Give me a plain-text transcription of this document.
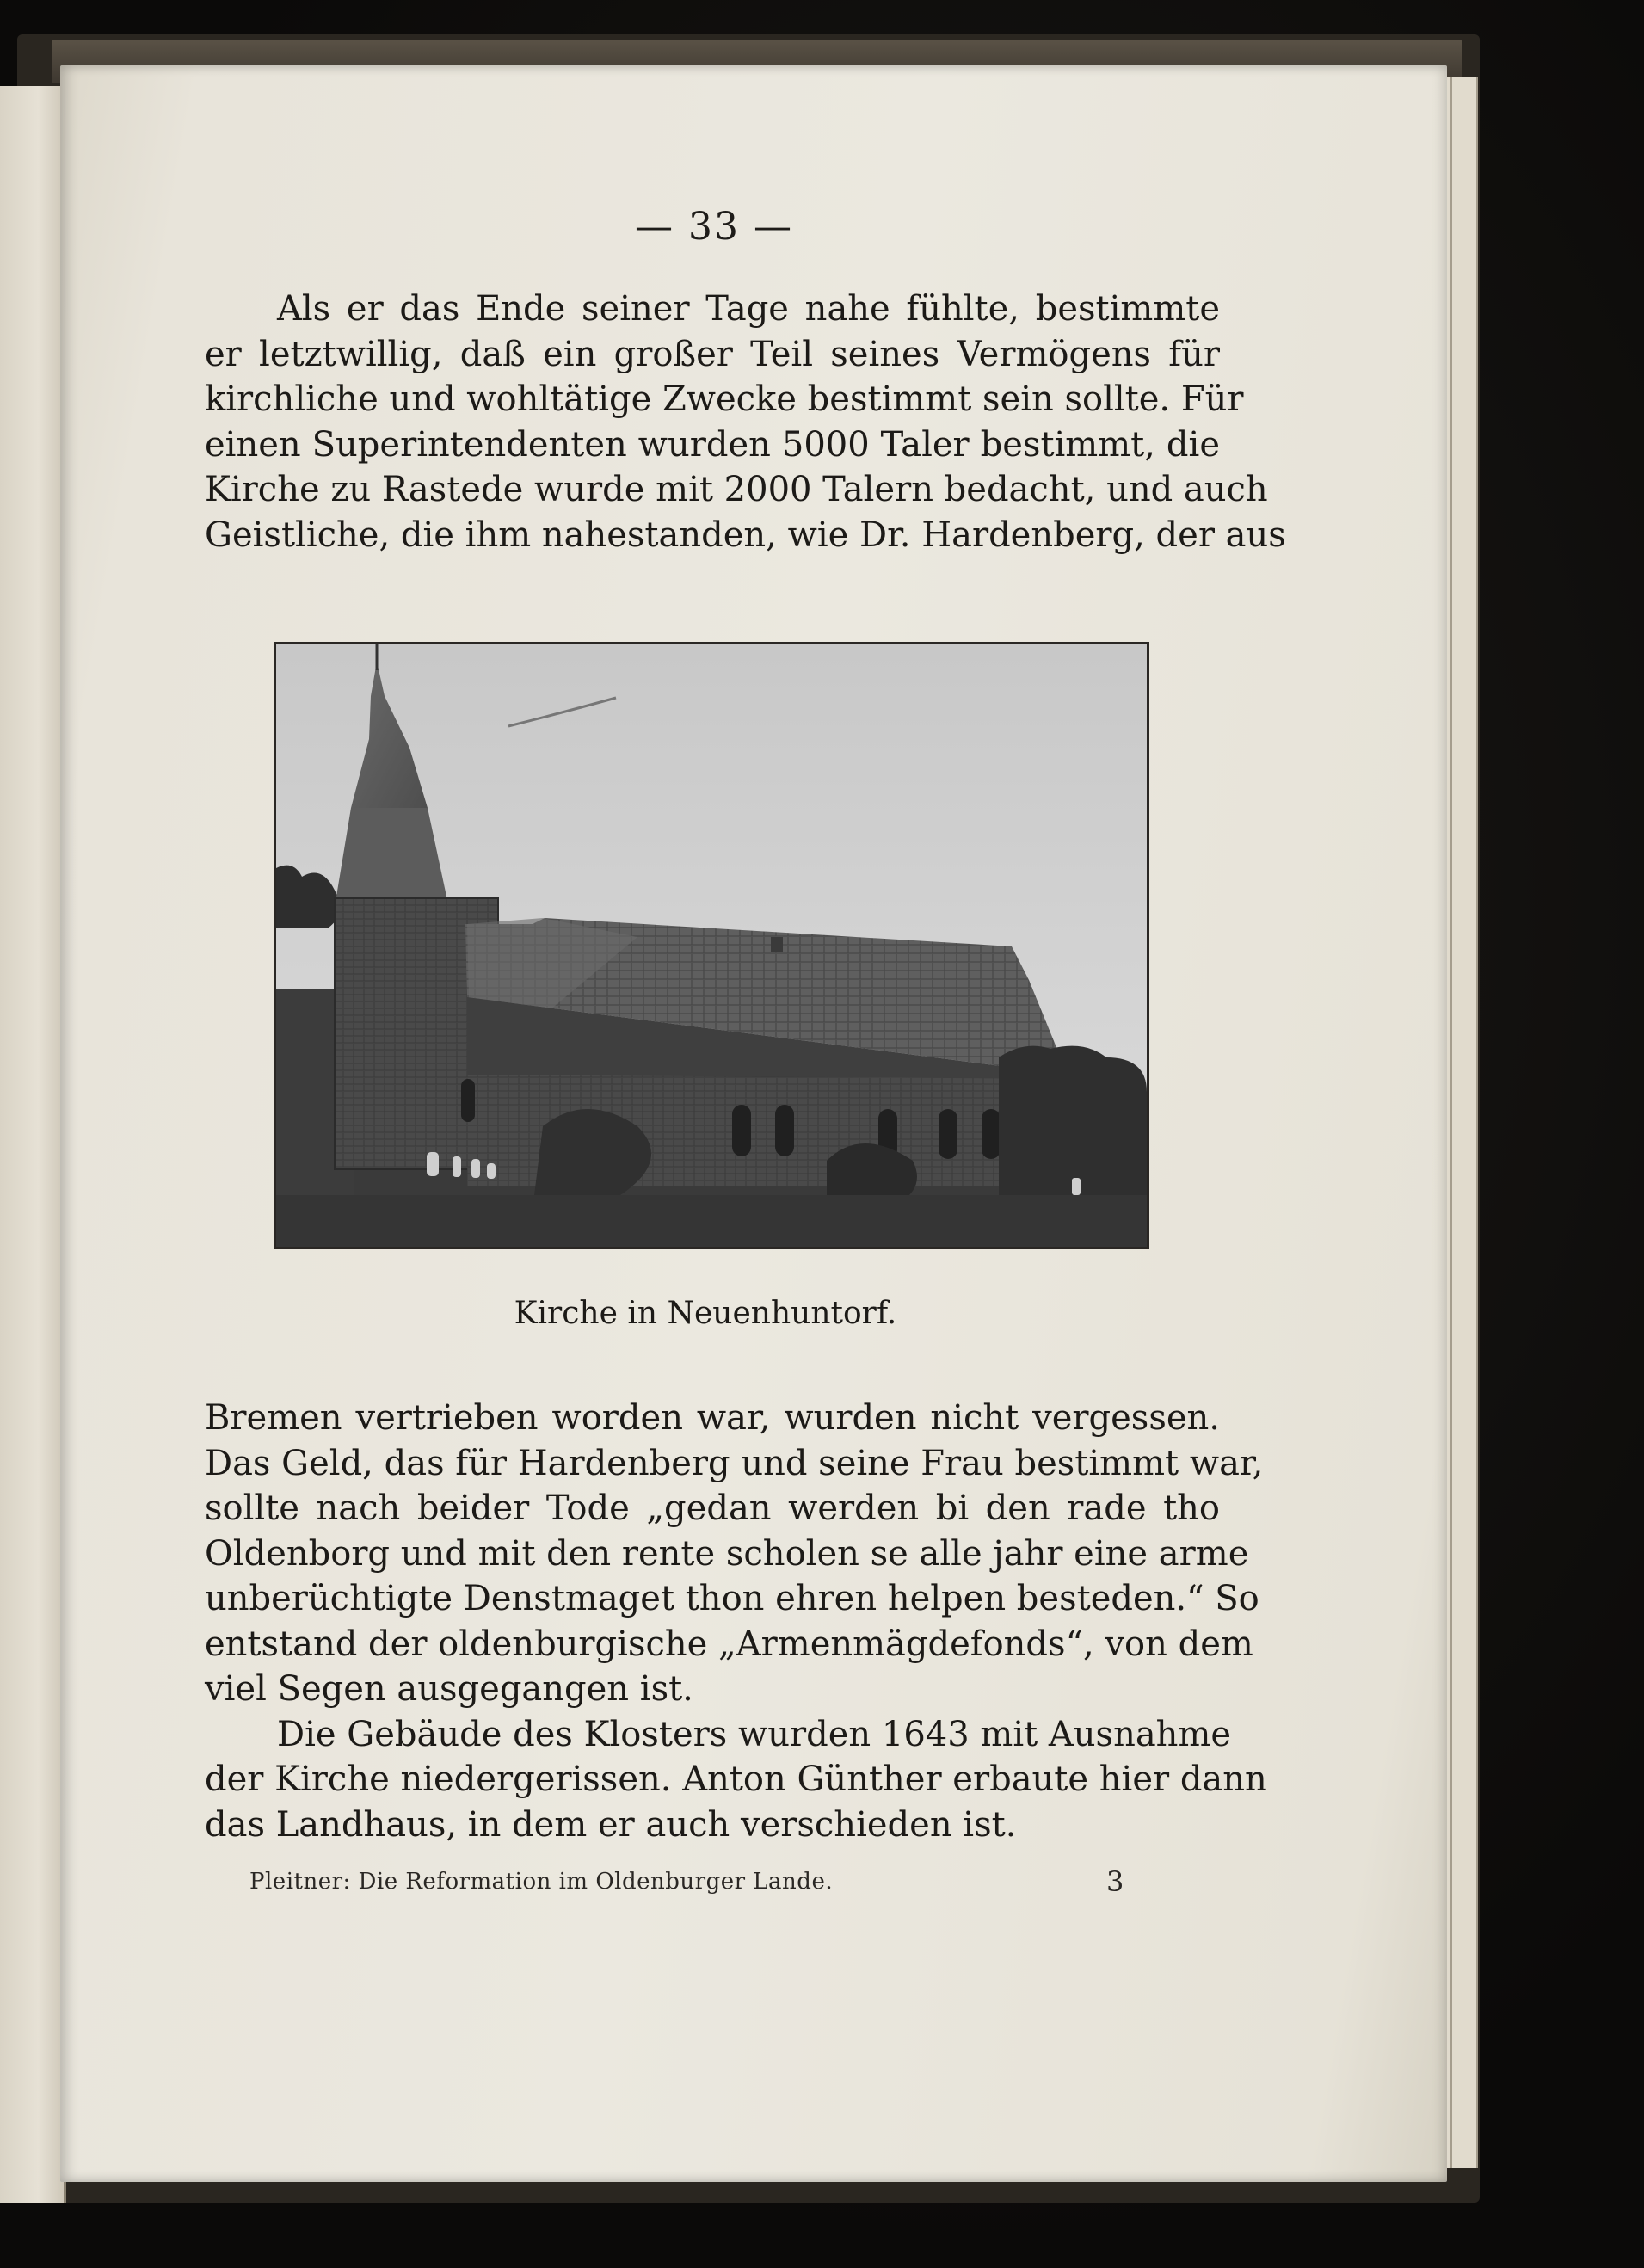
— 33 —
Als er das Ende seiner Tage nahe fühlte, bestimmte
er letztwillig, daß ein großer Teil seines Vermögens für
kirchliche und wohltätige Zwecke bestimmt sein sollte. Für
einen Superintendenten wurden 5000 Taler bestimmt, die
Kirche zu Rastede wurde mit 2000 Talern bedacht, und auch
Geistliche, die ihm nahestanden, wie Dr. Hardenberg, der aus
Kirche in Neuenhuntorf.
Bremen vertrieben worden war, wurden nicht vergessen.
Das Geld, das für Hardenberg und seine Frau bestimmt war,
sollte nach beider Tode „gedan werden bi den rade tho
Oldenborg und mit den rente scholen se alle jahr eine arme
unberüchtigte Denstmaget thon ehren helpen besteden.“ So
entstand der oldenburgische „Armenmägdefonds“, von dem
viel Segen ausgegangen ist.
Die Gebäude des Klosters wurden 1643 mit Ausnahme
der Kirche niedergerissen. Anton Günther erbaute hier dann
das Landhaus, in dem er auch verschieden ist.
Pleitner: Die Reformation im Oldenburger Lande.	3
